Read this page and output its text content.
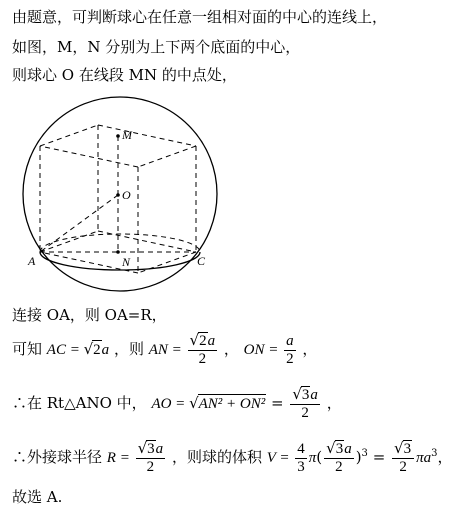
由题意，可判断球心在任意一组相对面的中心的连线上，
如图，M，N 分别为上下两个底面的中心，
则球心 O 在线段 MN 的中点处，
M
O
A	N	C
连接 OA，则 OA=R，
可知 AC = √2a ，则 AN = $\frac{√2a}{2}$ ， ON = $\frac{a}{2}$ ，
∴在 Rt△ANO 中， AO = $√AN^2 + ON^2 = \frac{√3a}{2}$ ，
∴外接球半径 $R = \frac{√3a}{2}$ ，则球的体积 $V = \frac{4}{3} \pi( \frac{√3a}{2} )^3 = \frac{√3}{2} \pi a^3$，
故选 A.
